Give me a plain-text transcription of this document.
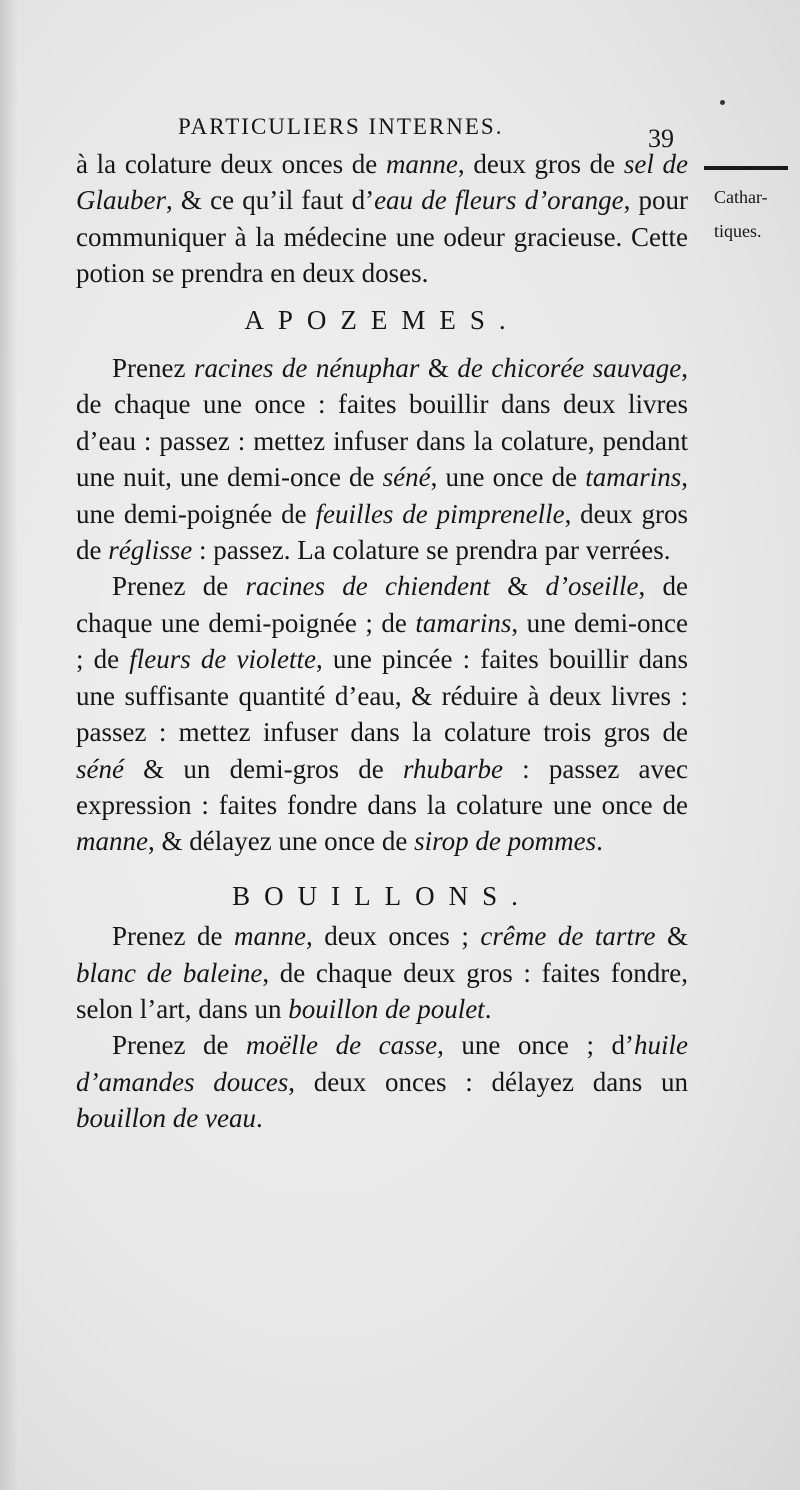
PARTICULIERS INTERNES.	39
Cathar-
tiques.

à la colature deux onces de manne, deux gros de sel de Glauber, & ce qu’il faut d’eau de fleurs d’orange, pour communiquer à la médecine une odeur gracieuse. Cette potion se prendra en deux doses.

APOZEMES.

Prenez racines de nénuphar & de chicorée sauvage, de chaque une once : faites bouillir dans deux livres d’eau : passez : mettez infuser dans la colature, pendant une nuit, une demi-once de séné, une once de tamarins, une demi-poignée de feuilles de pimprenelle, deux gros de réglisse : passez. La colature se prendra par verrées.

Prenez de racines de chiendent & d’oseille, de chaque une demi-poignée ; de tamarins, une demi-once ; de fleurs de violette, une pincée : faites bouillir dans une suffisante quantité d’eau, & réduire à deux livres : passez : mettez infuser dans la colature trois gros de séné & un demi-gros de rhubarbe : passez avec expression : faites fondre dans la colature une once de manne, & délayez une once de sirop de pommes.

BOUILLONS.

Prenez de manne, deux onces ; crême de tartre & blanc de baleine, de chaque deux gros : faites fondre, selon l’art, dans un bouillon de poulet.

Prenez de moëlle de casse, une once ; d’huile d’amandes douces, deux onces : délayez dans un bouillon de veau.
